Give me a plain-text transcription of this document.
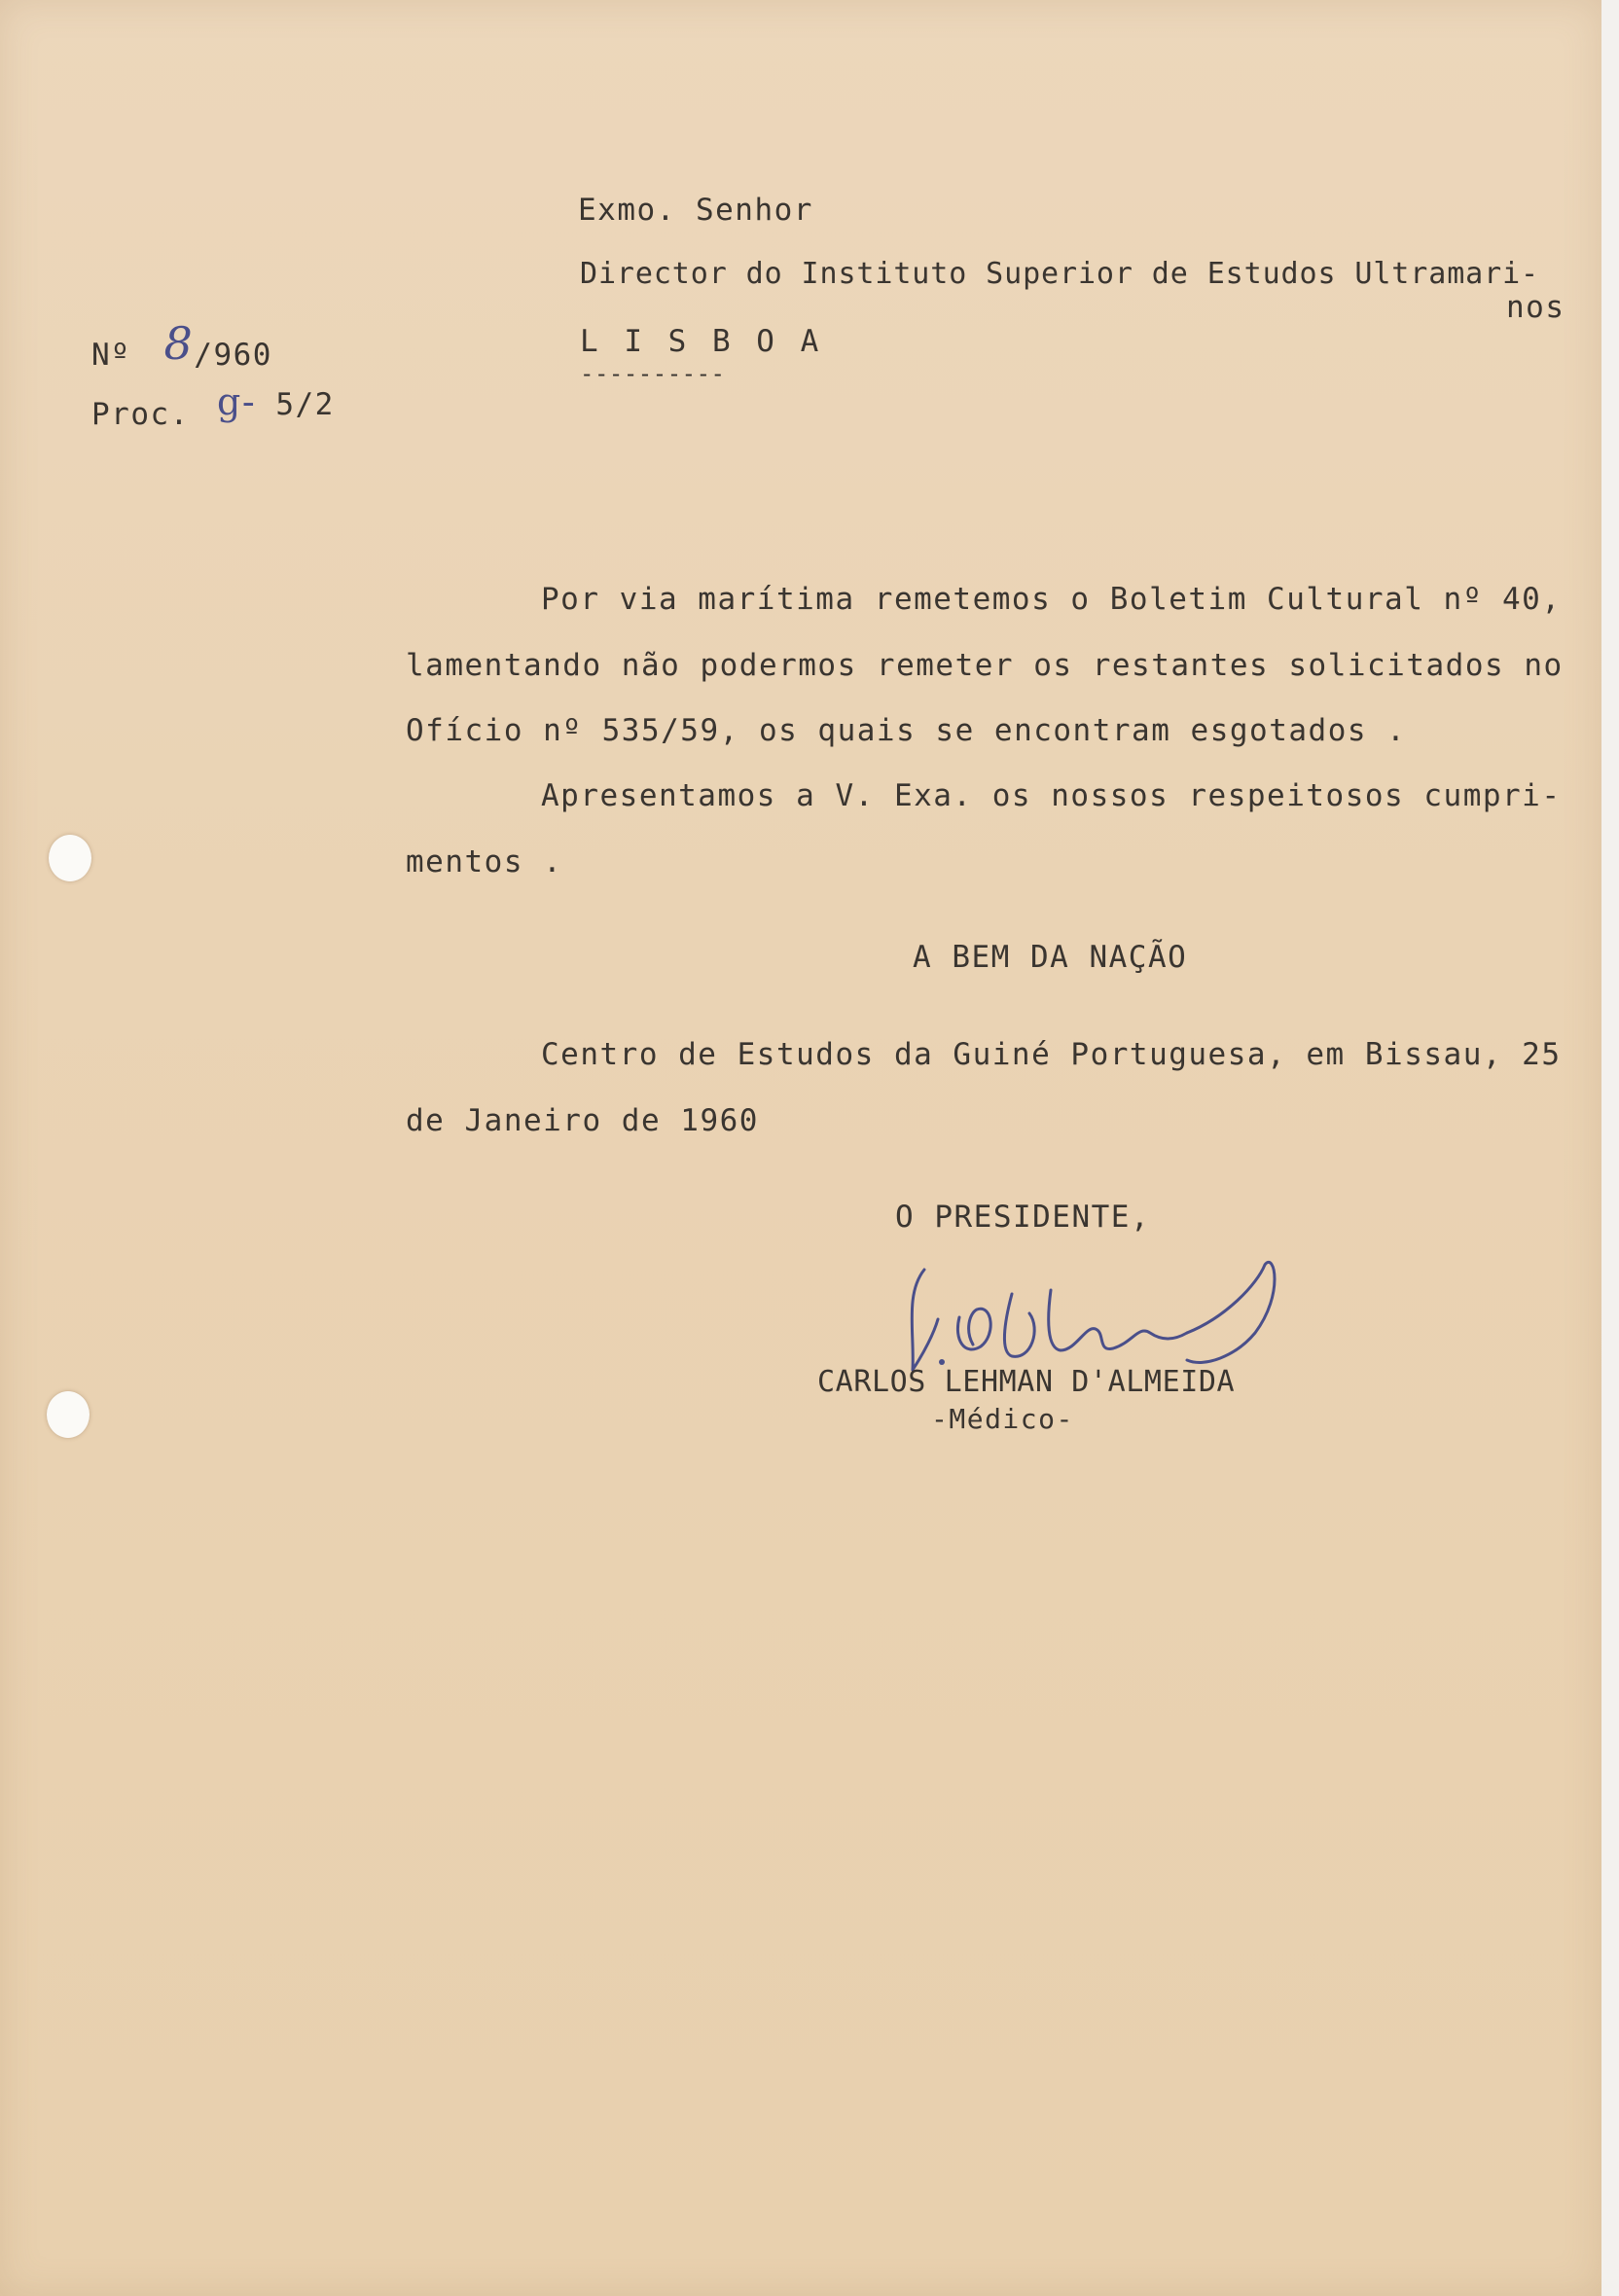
Nº 8/960
Proc. g- 5/2
Exmo. Senhor
Director do Instituto Superior de Estudos Ultramari-
nos
L I S B O A
----------
Por via marítima remetemos o Boletim Cultural nº 40,
lamentando não podermos remeter os restantes solicitados no
Ofício nº 535/59, os quais se encontram esgotados .
Apresentamos a V. Exa. os nossos respeitosos cumpri-
mentos .
A BEM DA NAÇÃO
Centro de Estudos da Guiné Portuguesa, em Bissau, 25
de Janeiro de 1960
O PRESIDENTE,
CARLOS LEHMAN D'ALMEIDA
-Médico-
